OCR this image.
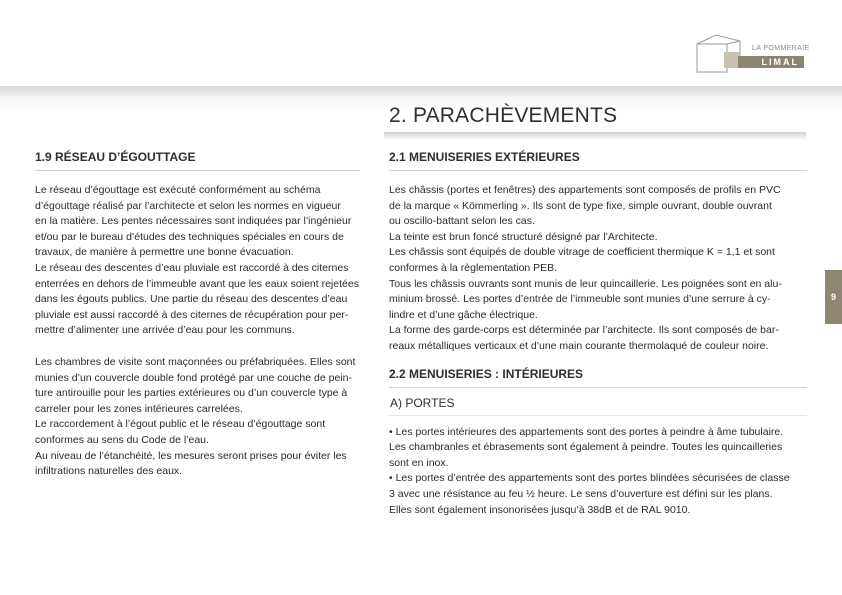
LA POMMERAIE
LIMAL
2. PARACHÈVEMENTS
1.9 RÉSEAU D’ÉGOUTTAGE
Le réseau d’égouttage est exécuté conformément au schéma
d’égouttage réalisé par l’architecte et selon les normes en vigueur
en la matière. Les pentes nécessaires sont indiquées par l’ingénieur
et/ou par le bureau d’études des techniques spéciales en cours de
travaux, de manière à permettre une bonne évacuation.
Le réseau des descentes d’eau pluviale est raccordé à des citernes
enterrées en dehors de l’immeuble avant que les eaux soient rejetées
dans les égouts publics. Une partie du réseau des descentes d’eau
pluviale est aussi raccordé à des citernes de récupération pour per-
mettre d’alimenter une arrivée d’eau pour les communs.
Les chambres de visite sont maçonnées ou préfabriquées. Elles sont
munies d’un couvercle double fond protégé par une couche de pein-
ture antirouille pour les parties extérieures ou d’un couvercle type à
carreler pour les zones intérieures carrelées.
Le raccordement à l’égout public et le réseau d’égouttage sont
conformes au sens du Code de l’eau.
Au niveau de l’étanchéité, les mesures seront prises pour éviter les
infiltrations naturelles des eaux.
2.1 MENUISERIES EXTÉRIEURES
Les châssis (portes et fenêtres) des appartements sont composés de profils en PVC
de la marque « Kömmerling ». Ils sont de type fixe, simple ouvrant, double ouvrant
ou oscillo-battant selon les cas.
La teinte est brun foncé structuré désigné par l’Architecte.
Les châssis sont équipés de double vitrage de coefficient thermique K = 1,1 et sont
conformes à la règlementation PEB.
Tous les châssis ouvrants sont munis de leur quincaillerie. Les poignées sont en alu-
minium brossé. Les portes d’entrée de l’immeuble sont munies d’une serrure à cy-
lindre et d’une gâche électrique.
La forme des garde-corps est déterminée par l’architecte. Ils sont composés de bar-
reaux métalliques verticaux et d’une main courante thermolaqué de couleur noire.
2.2 MENUISERIES : INTÉRIEURES
A) PORTES
• Les portes intérieures des appartements sont des portes à peindre à âme tubulaire.
Les chambranles et ébrasements sont également à peindre. Toutes les quincailleries
sont en inox.
• Les portes d’entrée des appartements sont des portes blindées sécurisées de classe
3 avec une résistance au feu ½ heure. Le sens d’ouverture est défini sur les plans.
Elles sont également insonorisées jusqu’à 38dB et de RAL 9010.
9
